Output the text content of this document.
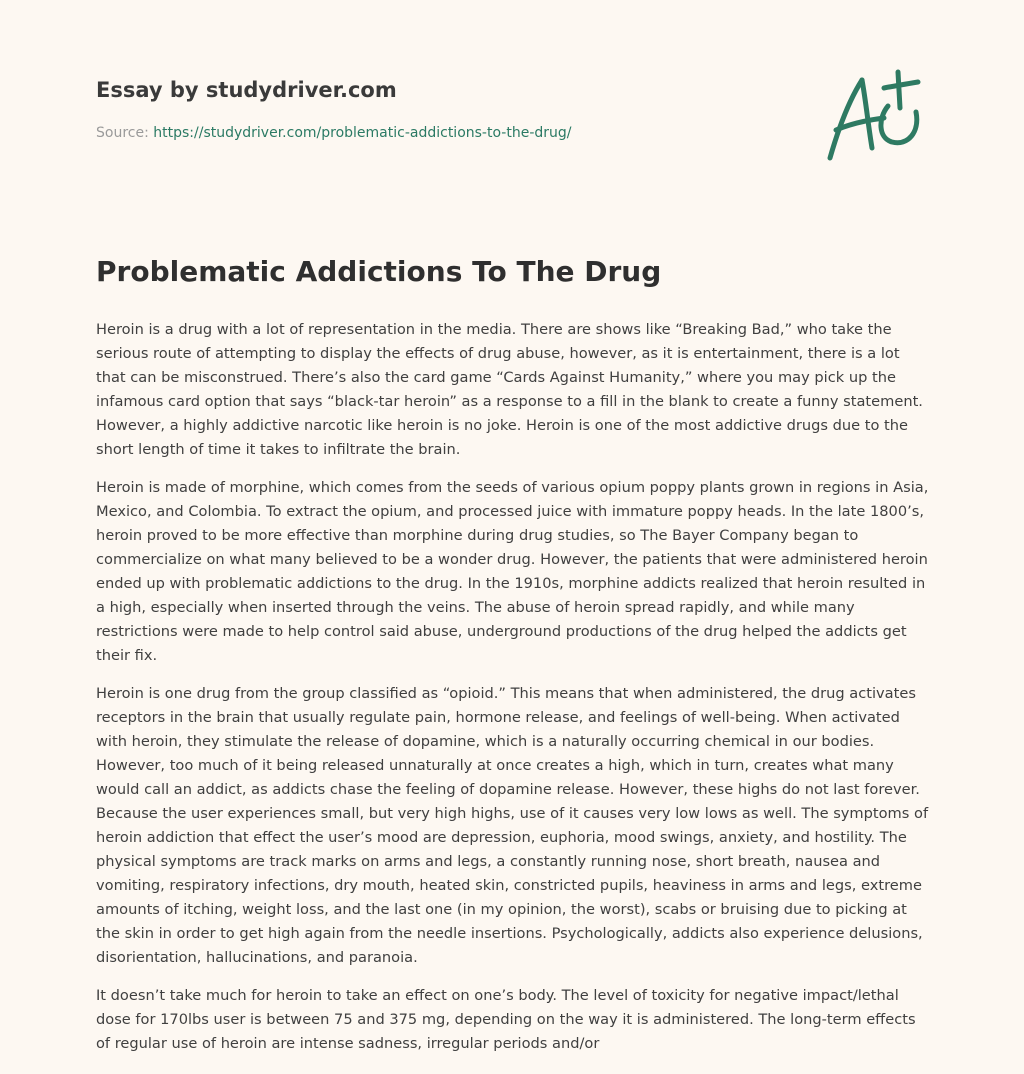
Essay by studydriver.com
Source: https://studydriver.com/problematic-addictions-to-the-drug/
Problematic Addictions To The Drug

Heroin is a drug with a lot of representation in the media. There are shows like “Breaking Bad,” who take the serious route of attempting to display the effects of drug abuse, however, as it is entertainment, there is a lot that can be misconstrued. There’s also the card game “Cards Against Humanity,” where you may pick up the infamous card option that says “black-tar heroin” as a response to a fill in the blank to create a funny statement. However, a highly addictive narcotic like heroin is no joke. Heroin is one of the most addictive drugs due to the short length of time it takes to infiltrate the brain.

Heroin is made of morphine, which comes from the seeds of various opium poppy plants grown in regions in Asia, Mexico, and Colombia. To extract the opium, and processed juice with immature poppy heads. In the late 1800’s, heroin proved to be more effective than morphine during drug studies, so The Bayer Company began to commercialize on what many believed to be a wonder drug. However, the patients that were administered heroin ended up with problematic addictions to the drug. In the 1910s, morphine addicts realized that heroin resulted in a high, especially when inserted through the veins. The abuse of heroin spread rapidly, and while many restrictions were made to help control said abuse, underground productions of the drug helped the addicts get their fix.

Heroin is one drug from the group classified as “opioid.” This means that when administered, the drug activates receptors in the brain that usually regulate pain, hormone release, and feelings of well-being. When activated with heroin, they stimulate the release of dopamine, which is a naturally occurring chemical in our bodies. However, too much of it being released unnaturally at once creates a high, which in turn, creates what many would call an addict, as addicts chase the feeling of dopamine release. However, these highs do not last forever. Because the user experiences small, but very high highs, use of it causes very low lows as well. The symptoms of heroin addiction that effect the user’s mood are depression, euphoria, mood swings, anxiety, and hostility. The physical symptoms are track marks on arms and legs, a constantly running nose, short breath, nausea and vomiting, respiratory infections, dry mouth, heated skin, constricted pupils, heaviness in arms and legs, extreme amounts of itching, weight loss, and the last one (in my opinion, the worst), scabs or bruising due to picking at the skin in order to get high again from the needle insertions. Psychologically, addicts also experience delusions, disorientation, hallucinations, and paranoia.

It doesn’t take much for heroin to take an effect on one’s body. The level of toxicity for negative impact/lethal dose for 170lbs user is between 75 and 375 mg, depending on the way it is administered. The long-term effects of regular use of heroin are intense sadness, irregular periods and/or
